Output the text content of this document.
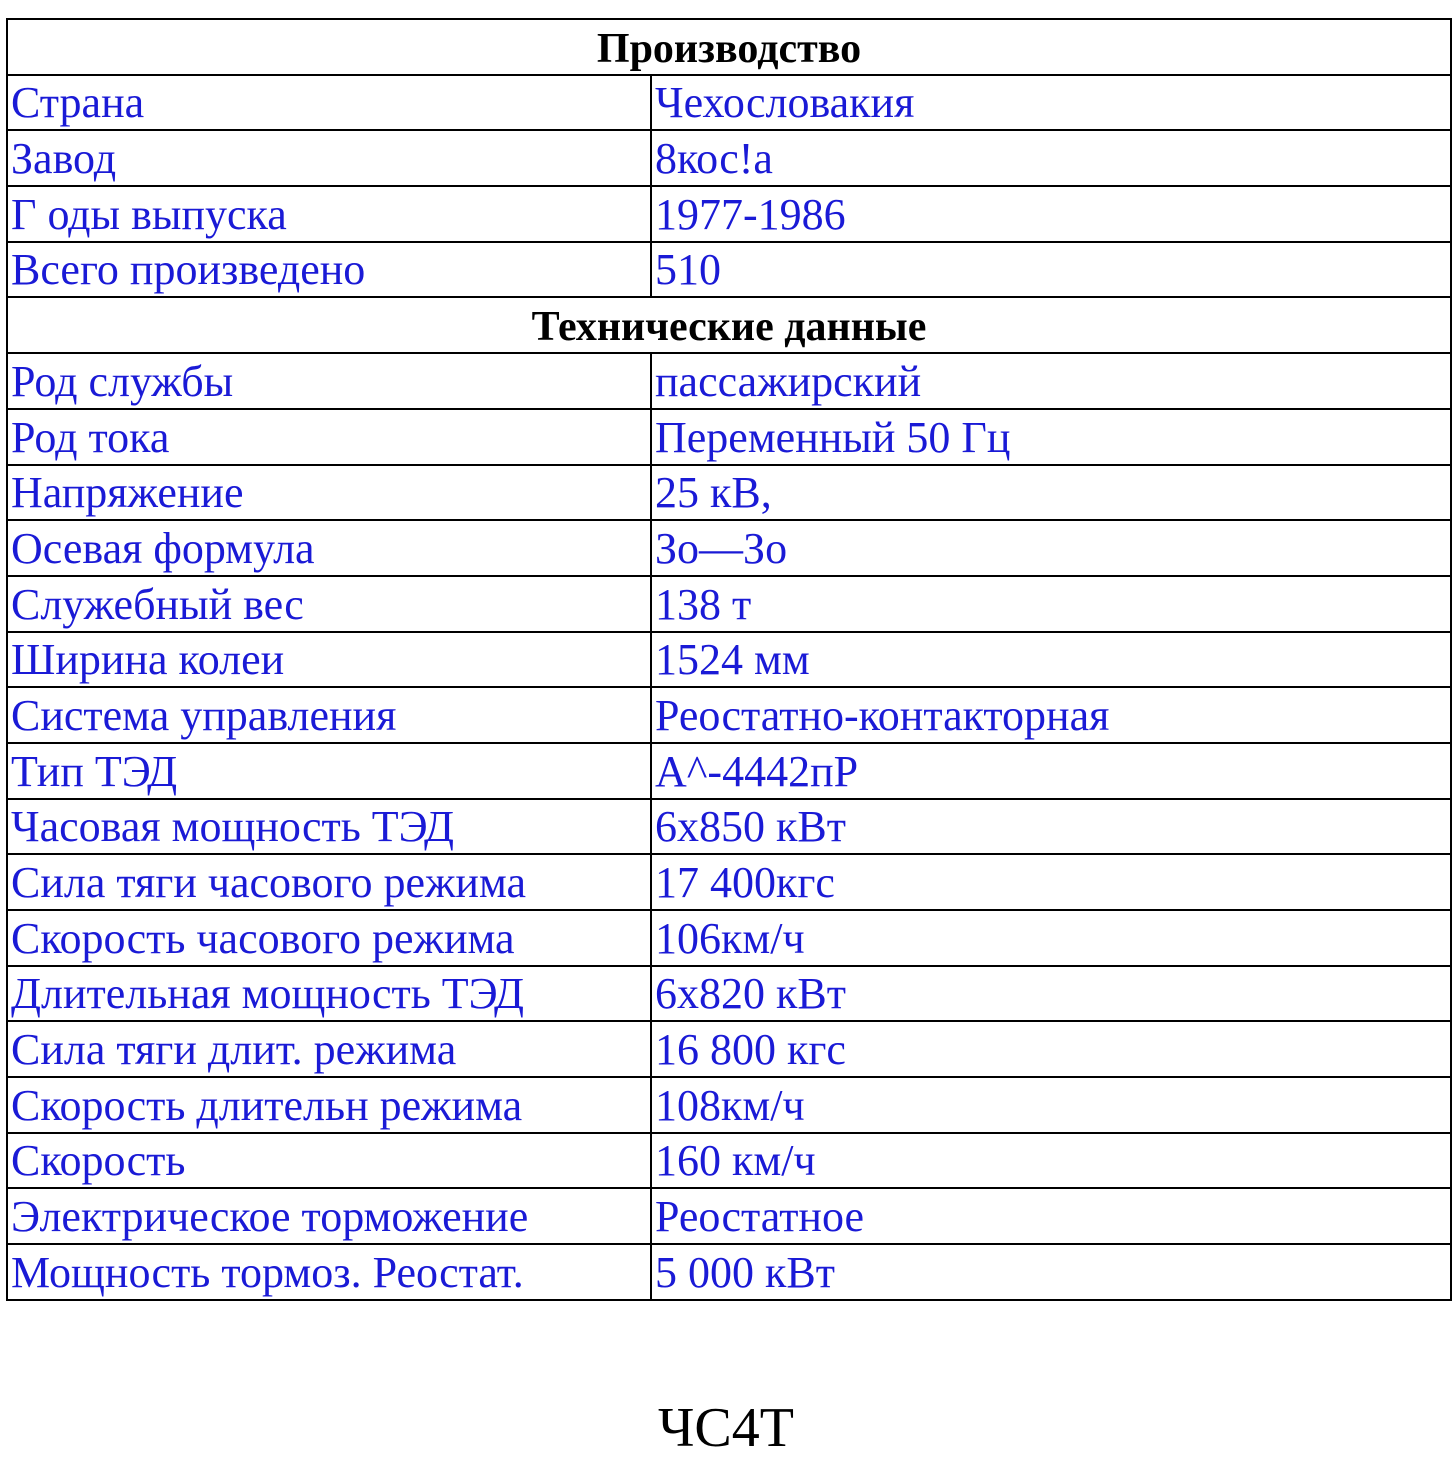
Производство	
Страна	Чехословакия
Завод	8кос!а
Г оды выпуска	1977-1986
Всего произведено	510
Технические данные	
Род службы	пассажирский
Род тока	Переменный 50 Гц
Напряжение	25 кВ,
Осевая формула	Зо—Зо
Служебный вес	138 т
Ширина колеи	1524 мм
Система управления	Реостатно-контакторная
Тип ТЭД	А^-4442пР
Часовая мощность ТЭД	6x850 кВт
Сила тяги часового режима	17 400кгс
Скорость часового режима	106км/ч
Длительная мощность ТЭД	6x820 кВт
Сила тяги длит. режима	16 800 кгс
Скорость длительн режима	108км/ч
Скорость	160 км/ч
Электрическое торможение	Реостатное
Мощность тормоз. Реостат.	5 000 кВт
ЧС4Т
